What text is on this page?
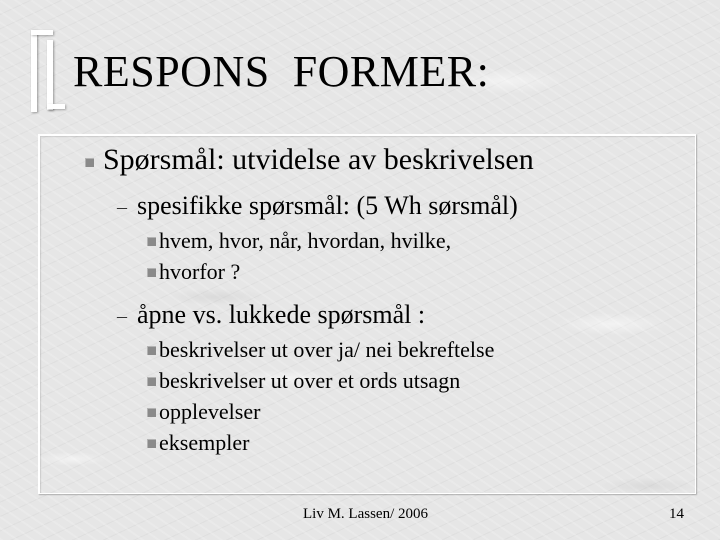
RESPONS  FORMER:
Spørsmål: utvidelse av beskrivelsen
– spesifikke spørsmål: (5 Wh sørsmål)
hvem, hvor, når, hvordan, hvilke,
hvorfor ?
– åpne vs. lukkede spørsmål :
beskrivelser ut over ja/ nei bekreftelse
beskrivelser ut over et ords utsagn
opplevelser
eksempler
Liv M. Lassen/ 2006	14
